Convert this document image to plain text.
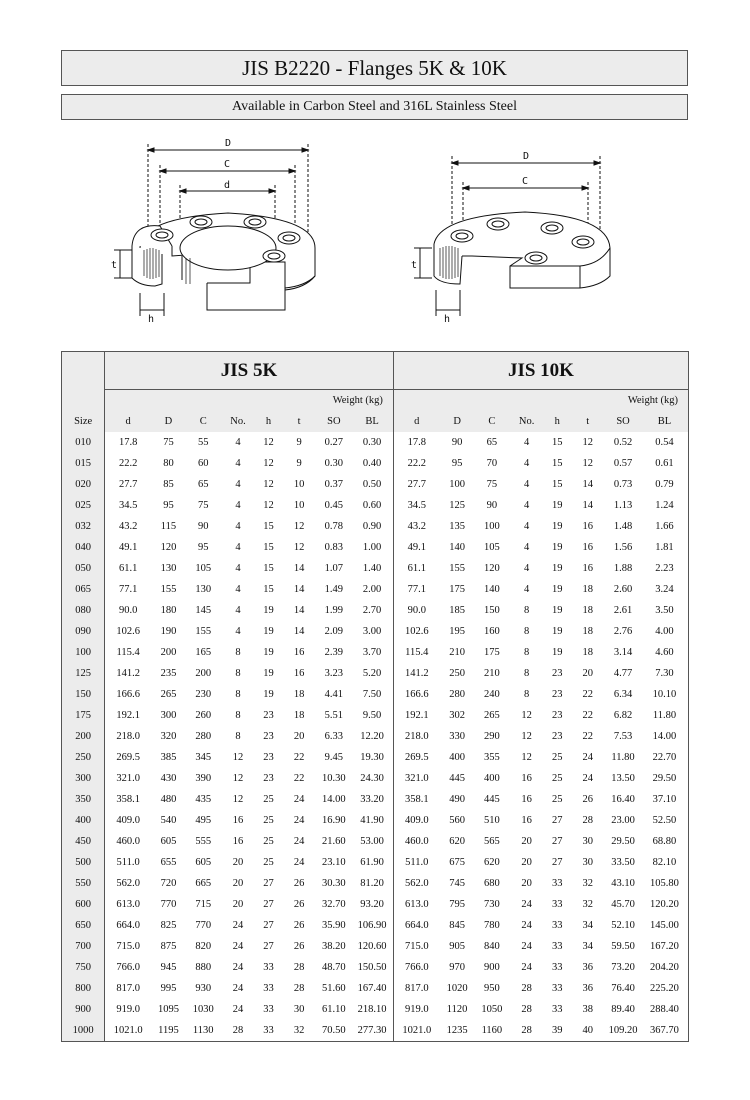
JIS B2220 - Flanges 5K & 10K
Available in Carbon Steel and 316L Stainless Steel
D
C
d
t
h
D
C
t
h
	JIS 5K								JIS 10K							
	Weight (kg)								Weight (kg)							
Size	d	D	C	No.	h	t	SO	BL	d	D	C	No.	h	t	SO	BL
010	17.8	75	55	4	12	9	0.27	0.30	17.8	90	65	4	15	12	0.52	0.54
015	22.2	80	60	4	12	9	0.30	0.40	22.2	95	70	4	15	12	0.57	0.61
020	27.7	85	65	4	12	10	0.37	0.50	27.7	100	75	4	15	14	0.73	0.79
025	34.5	95	75	4	12	10	0.45	0.60	34.5	125	90	4	19	14	1.13	1.24
032	43.2	115	90	4	15	12	0.78	0.90	43.2	135	100	4	19	16	1.48	1.66
040	49.1	120	95	4	15	12	0.83	1.00	49.1	140	105	4	19	16	1.56	1.81
050	61.1	130	105	4	15	14	1.07	1.40	61.1	155	120	4	19	16	1.88	2.23
065	77.1	155	130	4	15	14	1.49	2.00	77.1	175	140	4	19	18	2.60	3.24
080	90.0	180	145	4	19	14	1.99	2.70	90.0	185	150	8	19	18	2.61	3.50
090	102.6	190	155	4	19	14	2.09	3.00	102.6	195	160	8	19	18	2.76	4.00
100	115.4	200	165	8	19	16	2.39	3.70	115.4	210	175	8	19	18	3.14	4.60
125	141.2	235	200	8	19	16	3.23	5.20	141.2	250	210	8	23	20	4.77	7.30
150	166.6	265	230	8	19	18	4.41	7.50	166.6	280	240	8	23	22	6.34	10.10
175	192.1	300	260	8	23	18	5.51	9.50	192.1	302	265	12	23	22	6.82	11.80
200	218.0	320	280	8	23	20	6.33	12.20	218.0	330	290	12	23	22	7.53	14.00
250	269.5	385	345	12	23	22	9.45	19.30	269.5	400	355	12	25	24	11.80	22.70
300	321.0	430	390	12	23	22	10.30	24.30	321.0	445	400	16	25	24	13.50	29.50
350	358.1	480	435	12	25	24	14.00	33.20	358.1	490	445	16	25	26	16.40	37.10
400	409.0	540	495	16	25	24	16.90	41.90	409.0	560	510	16	27	28	23.00	52.50
450	460.0	605	555	16	25	24	21.60	53.00	460.0	620	565	20	27	30	29.50	68.80
500	511.0	655	605	20	25	24	23.10	61.90	511.0	675	620	20	27	30	33.50	82.10
550	562.0	720	665	20	27	26	30.30	81.20	562.0	745	680	20	33	32	43.10	105.80
600	613.0	770	715	20	27	26	32.70	93.20	613.0	795	730	24	33	32	45.70	120.20
650	664.0	825	770	24	27	26	35.90	106.90	664.0	845	780	24	33	34	52.10	145.00
700	715.0	875	820	24	27	26	38.20	120.60	715.0	905	840	24	33	34	59.50	167.20
750	766.0	945	880	24	33	28	48.70	150.50	766.0	970	900	24	33	36	73.20	204.20
800	817.0	995	930	24	33	28	51.60	167.40	817.0	1020	950	28	33	36	76.40	225.20
900	919.0	1095	1030	24	33	30	61.10	218.10	919.0	1120	1050	28	33	38	89.40	288.40
1000	1021.0	1195	1130	28	33	32	70.50	277.30	1021.0	1235	1160	28	39	40	109.20	367.70
